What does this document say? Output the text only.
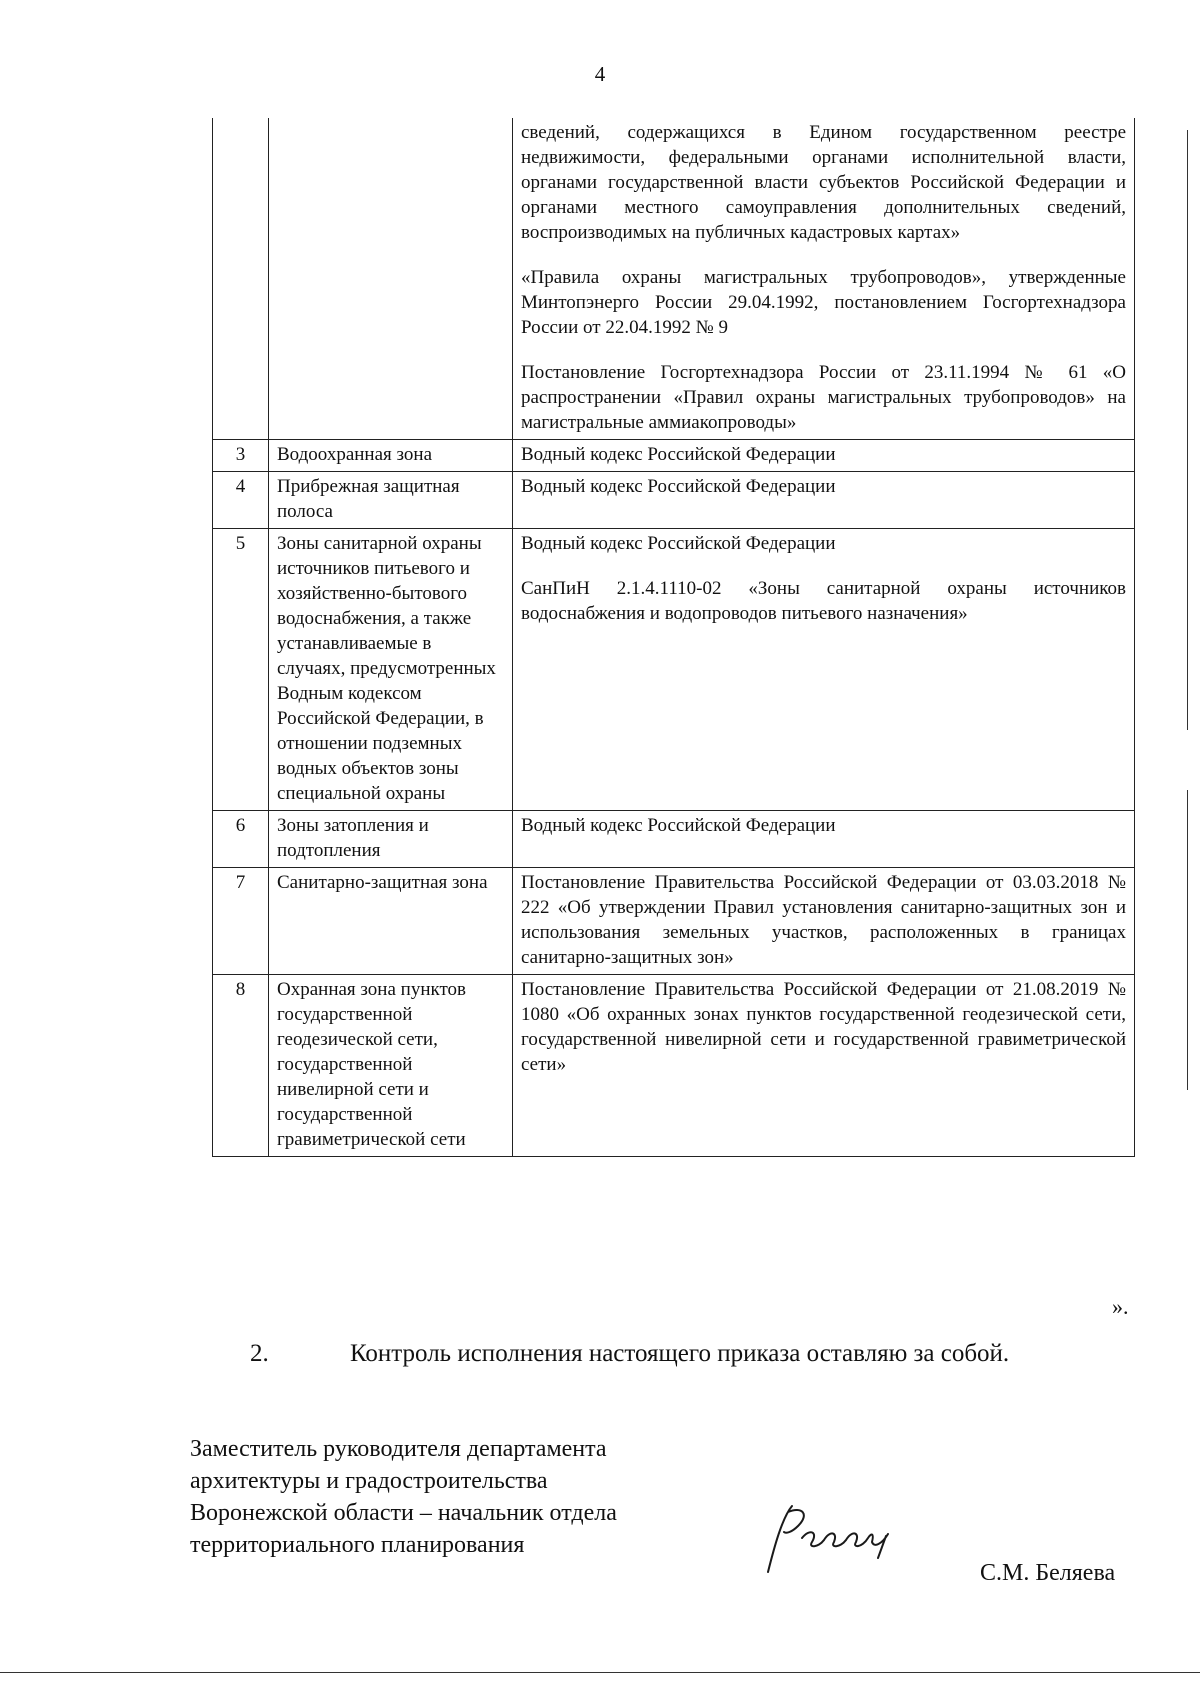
4

		сведений, содержащихся в Едином государственном реестре недвижимости, федеральными органами исполнительной власти, органами государственной власти субъектов Российской Федерации и органами местного самоуправления дополнительных сведений, воспроизводимых на публичных кадастровых картах»

«Правила охраны магистральных трубопроводов», утвержденные Минтопэнерго России 29.04.1992, постановлением Госгортехнадзора России от 22.04.1992 № 9

Постановление Госгортехнадзора России от 23.11.1994 № 61 «О распространении «Правил охраны магистральных трубопроводов» на магистральные аммиакопроводы»

3	Водоохранная зона	Водный кодекс Российской Федерации
4	Прибрежная защитная полоса	Водный кодекс Российской Федерации
5	Зоны санитарной охраны источников питьевого и хозяйственно-бытового водоснабжения, а также устанавливаемые в случаях, предусмотренных Водным кодексом Российской Федерации, в отношении подземных водных объектов зоны специальной охраны	Водный кодекс Российской Федерации

СанПиН 2.1.4.1110-02 «Зоны санитарной охраны источников водоснабжения и водопроводов питьевого назначения»

6	Зоны затопления и подтопления	Водный кодекс Российской Федерации
7	Санитарно-защитная зона	Постановление Правительства Российской Федерации от 03.03.2018 № 222 «Об утверждении Правил установления санитарно-защитных зон и использования земельных участков, расположенных в границах санитарно-защитных зон»
8	Охранная зона пунктов государственной геодезической сети, государственной нивелирной сети и государственной гравиметрической сети	Постановление Правительства Российской Федерации от 21.08.2019 № 1080 «Об охранных зонах пунктов государственной геодезической сети, государственной нивелирной сети и государственной гравиметрической сети»
».
2.	Контроль исполнения настоящего приказа оставляю за собой.
Заместитель руководителя департамента
архитектуры и градостроительства
Воронежской области – начальник отдела
территориального планирования
С.М. Беляева
